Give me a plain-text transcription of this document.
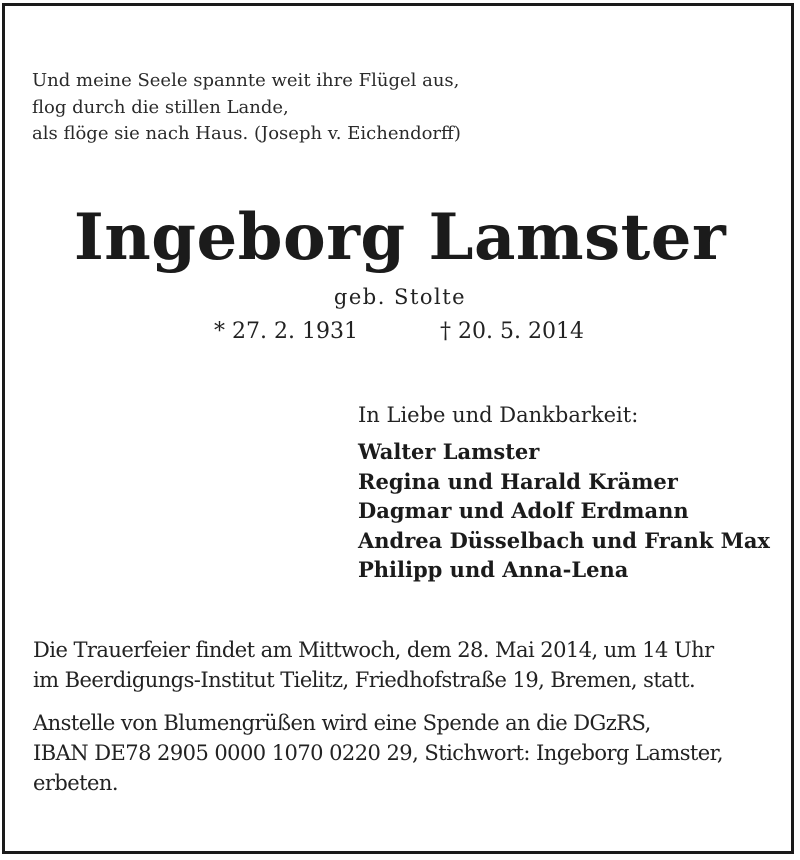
Und meine Seele spannte weit ihre Flügel aus,
flog durch die stillen Lande,
als flöge sie nach Haus. (Joseph v. Eichendorff)
Ingeborg Lamster
geb. Stolte
* 27. 2. 1931	† 20. 5. 2014
In Liebe und Dankbarkeit:
Walter Lamster
Regina und Harald Krämer
Dagmar und Adolf Erdmann
Andrea Düsselbach und Frank Max
Philipp und Anna-Lena
Die Trauerfeier findet am Mittwoch, dem 28. Mai 2014, um 14 Uhr
im Beerdigungs-Institut Tielitz, Friedhofstraße 19, Bremen, statt.
Anstelle von Blumengrüßen wird eine Spende an die DGzRS,
IBAN DE78 2905 0000 1070 0220 29, Stichwort: Ingeborg Lamster,
erbeten.
